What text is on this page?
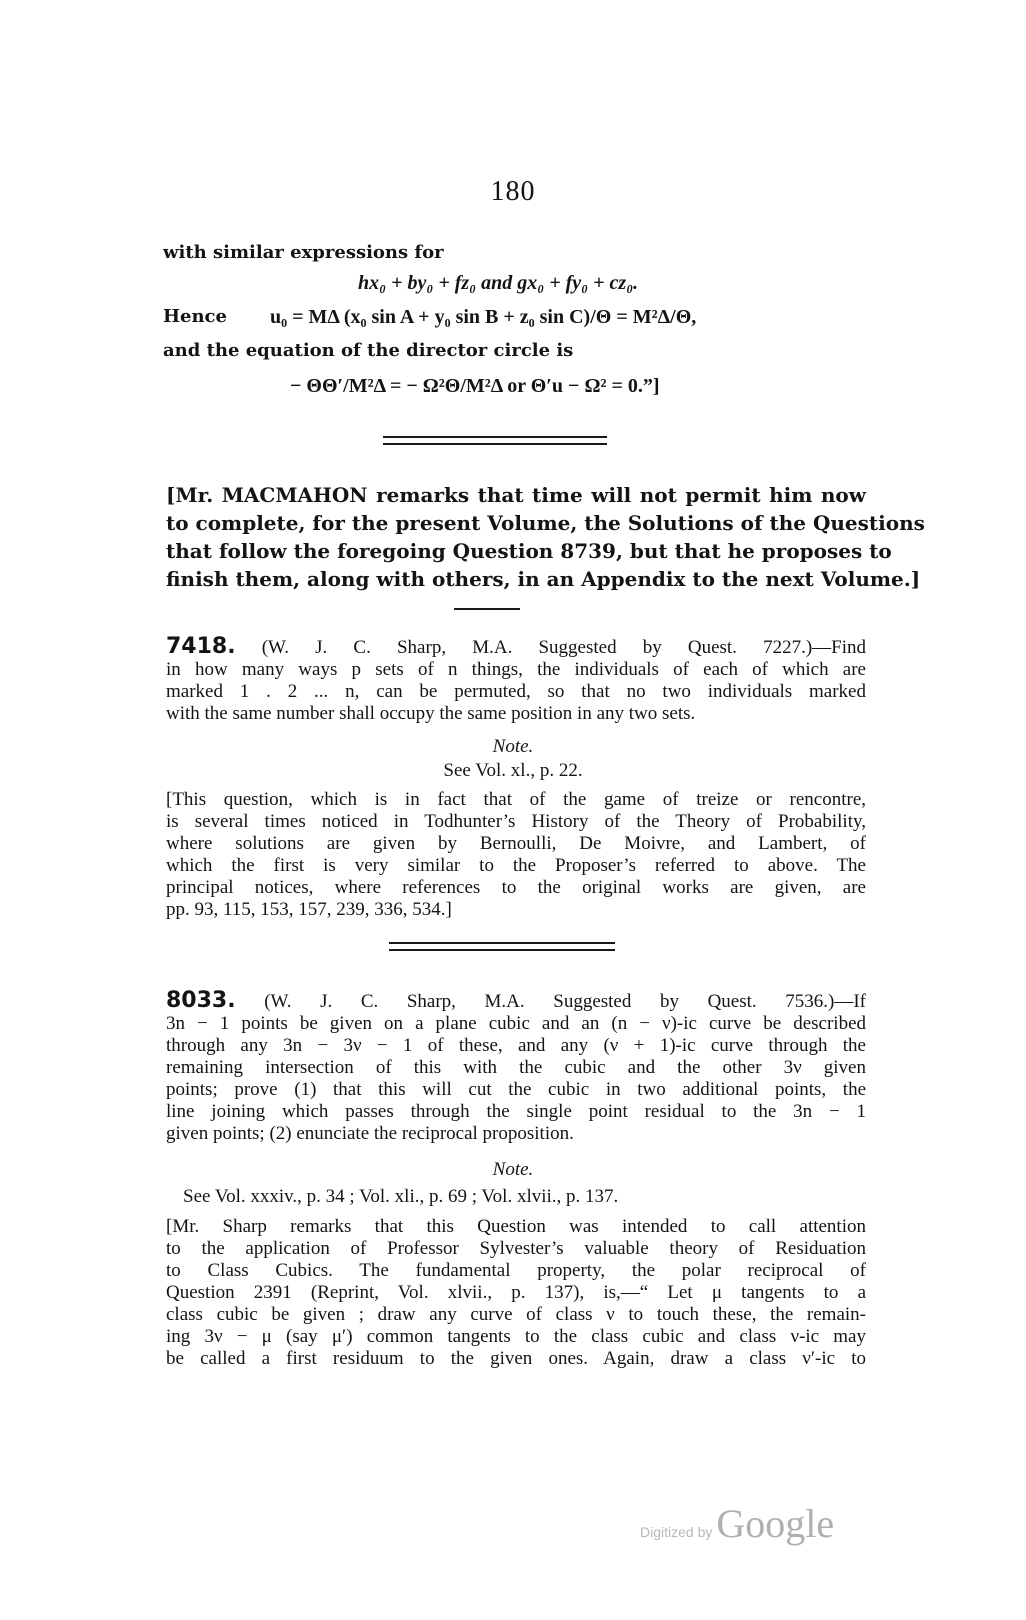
180
with similar expressions for
hx₀ + by₀ + fz₀ and gx₀ + fy₀ + cz₀.
Hence u₀ = MΔ (x₀ sin A + y₀ sin B + z₀ sin C)/Θ = M²Δ/Θ,
and the equation of the director circle is
− ΘΘ′/M²Δ = − Ω²Θ/M²Δ or Θ′u − Ω² = 0.”]
[Mr. MACMAHON remarks that time will not permit him now
to complete, for the present Volume, the Solutions of the Questions
that follow the foregoing Question 8739, but that he proposes to
finish them, along with others, in an Appendix to the next Volume.]
7418. (W. J. C. Sharp, M.A. Suggested by Quest. 7227.)—Find
in how many ways p sets of n things, the individuals of each of which are
marked 1 . 2 ... n, can be permuted, so that no two individuals marked
with the same number shall occupy the same position in any two sets.
Note.
See Vol. xl., p. 22.
[This question, which is in fact that of the game of treize or rencontre,
is several times noticed in Todhunter’s History of the Theory of Probability,
where solutions are given by Bernoulli, De Moivre, and Lambert, of
which the first is very similar to the Proposer’s referred to above. The
principal notices, where references to the original works are given, are
pp. 93, 115, 153, 157, 239, 336, 534.]
8033. (W. J. C. Sharp, M.A. Suggested by Quest. 7536.)—If
3n − 1 points be given on a plane cubic and an (n − ν)-ic curve be described
through any 3n − 3ν − 1 of these, and any (ν + 1)-ic curve through the
remaining intersection of this with the cubic and the other 3ν given
points; prove (1) that this will cut the cubic in two additional points, the
line joining which passes through the single point residual to the 3n − 1
given points; (2) enunciate the reciprocal proposition.
Note.
See Vol. xxxiv., p. 34 ; Vol. xli., p. 69 ; Vol. xlvii., p. 137.
[Mr. Sharp remarks that this Question was intended to call attention
to the application of Professor Sylvester’s valuable theory of Residuation
to Class Cubics. The fundamental property, the polar reciprocal of
Question 2391 (Reprint, Vol. xlvii., p. 137), is,—“ Let μ tangents to a
class cubic be given ; draw any curve of class ν to touch these, the remain-
ing 3ν − μ (say μ′) common tangents to the class cubic and class ν-ic may
be called a first residuum to the given ones. Again, draw a class ν′-ic to
Digitized by Google
